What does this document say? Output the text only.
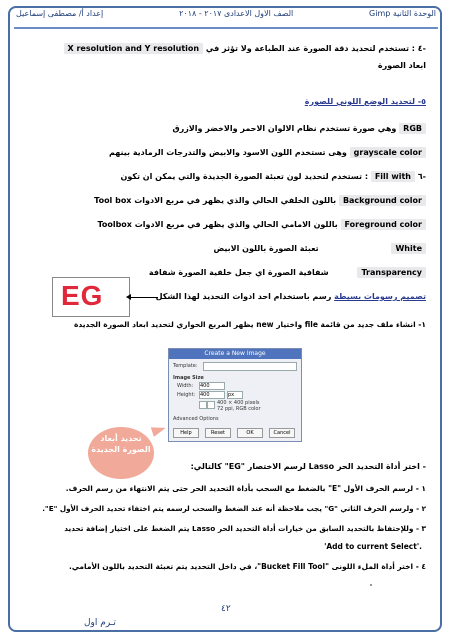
الوحدة الثانية Gimp
الصف الاول الاعدادى ٢٠١٧ - ٢٠١٨
إعداد أ/ مصطفى إسماعيل
-٤ : تستخدم لتحديد دقة الصورة عند الطباعة ولا تؤثر في X resolution and Y resolution
ابعاد الصورة
٥- لتحديد الوضع اللوني للصورة
RGB وهي صورة تستخدم نظام الالوان الاحمر والاخضر والازرق
grayscale color وهى تستخدم اللون الاسود والابيض والتدرجات الرمادية بينهم
-٦ Fill with : تستخدم لتحديد لون تعبئة الصورة الجديدة والتي يمكن ان تكون
Background color باللون الخلفي الحالي والذي يظهر في مربع الادوات Tool box
Foreground color باللون الامامي الحالي والذي يظهر في مربع الادوات Toolbox
White تعبئة الصورة باللون الابيض
Transparency شفافية الصورة اي جعل خلفية الصورة شفافة
EG	تصميم رسومات بسيطة رسم باستخدام احد ادوات التحديد لهذا الشكل
١- انشاء ملف جديد من قائمة file واختيار new يظهر المربع الحواري لتحديد ابعاد الصورة الجديدة
Create a New Image
Template:
Image Size
Width: 400
Height: 400	px
400 × 400 pixels
72 ppi, RGB color
Advanced Options
Help	Reset	OK	Cancel
تحديد أبعاد الصورة الجديدة
- اختر أداة التحديد الحر Lasso لرسم الاختصار "EG" كالتالي:
١ - لرسم الحرف الأول "E" بالضغط مع السحب بأداة التحديد الحر حتى يتم الانتهاء من رسم الحرف.
٢ - ولرسم الحرف الثاني "G" يجب ملاحظة أنه عند الضغط والسحب لرسمه يتم اختفاء تحديد الحرف الأول "E".
٣ - وللإحتفاظ بالتحديد السابق من خيارات أداة التحديد الحر Lasso يتم الضغط على اختيار إضافة تحديد
'Add to current Select'.
٤ - اختر أداة الملء اللونى "Bucket Fill Tool"، في داخل التحديد يتم تعبئة التحديد باللون الأمامي.
٤٢
تـرم اول
